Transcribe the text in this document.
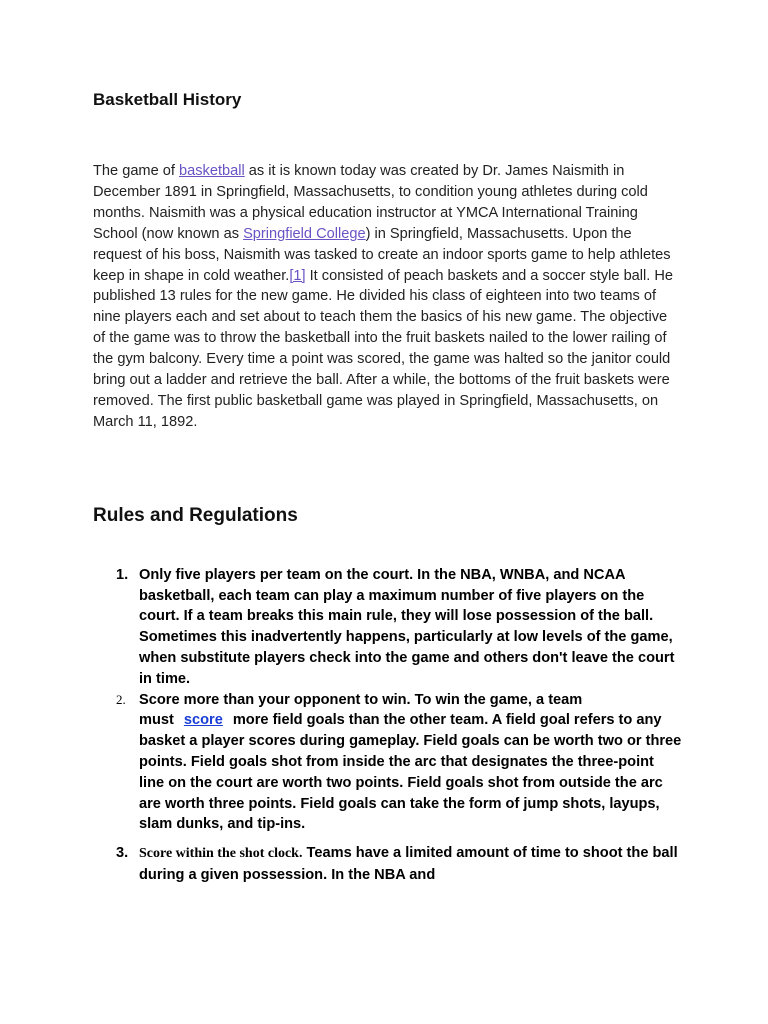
Basketball History

The game of basketball as it is known today was created by Dr. James Naismith in December 1891 in Springfield, Massachusetts, to condition young athletes during cold months. Naismith was a physical education instructor at YMCA International Training School (now known as Springfield College) in Springfield, Massachusetts. Upon the request of his boss, Naismith was tasked to create an indoor sports game to help athletes keep in shape in cold weather.[1] It consisted of peach baskets and a soccer style ball. He published 13 rules for the new game. He divided his class of eighteen into two teams of nine players each and set about to teach them the basics of his new game. The objective of the game was to throw the basketball into the fruit baskets nailed to the lower railing of the gym balcony. Every time a point was scored, the game was halted so the janitor could bring out a ladder and retrieve the ball. After a while, the bottoms of the fruit baskets were removed. The first public basketball game was played in Springfield, Massachusetts, on March 11, 1892.

Rules and Regulations
1. Only five players per team on the court. In the NBA, WNBA, and NCAA basketball, each team can play a maximum number of five players on the court. If a team breaks this main rule, they will lose possession of the ball. Sometimes this inadvertently happens, particularly at low levels of the game, when substitute players check into the game and others don't leave the court in time.
2. Score more than your opponent to win. To win the game, a team must score more field goals than the other team. A field goal refers to any basket a player scores during gameplay. Field goals can be worth two or three points. Field goals shot from inside the arc that designates the three-point line on the court are worth two points. Field goals shot from outside the arc are worth three points. Field goals can take the form of jump shots, layups, slam dunks, and tip-ins.
3. Score within the shot clock. Teams have a limited amount of time to shoot the ball during a given possession. In the NBA and
